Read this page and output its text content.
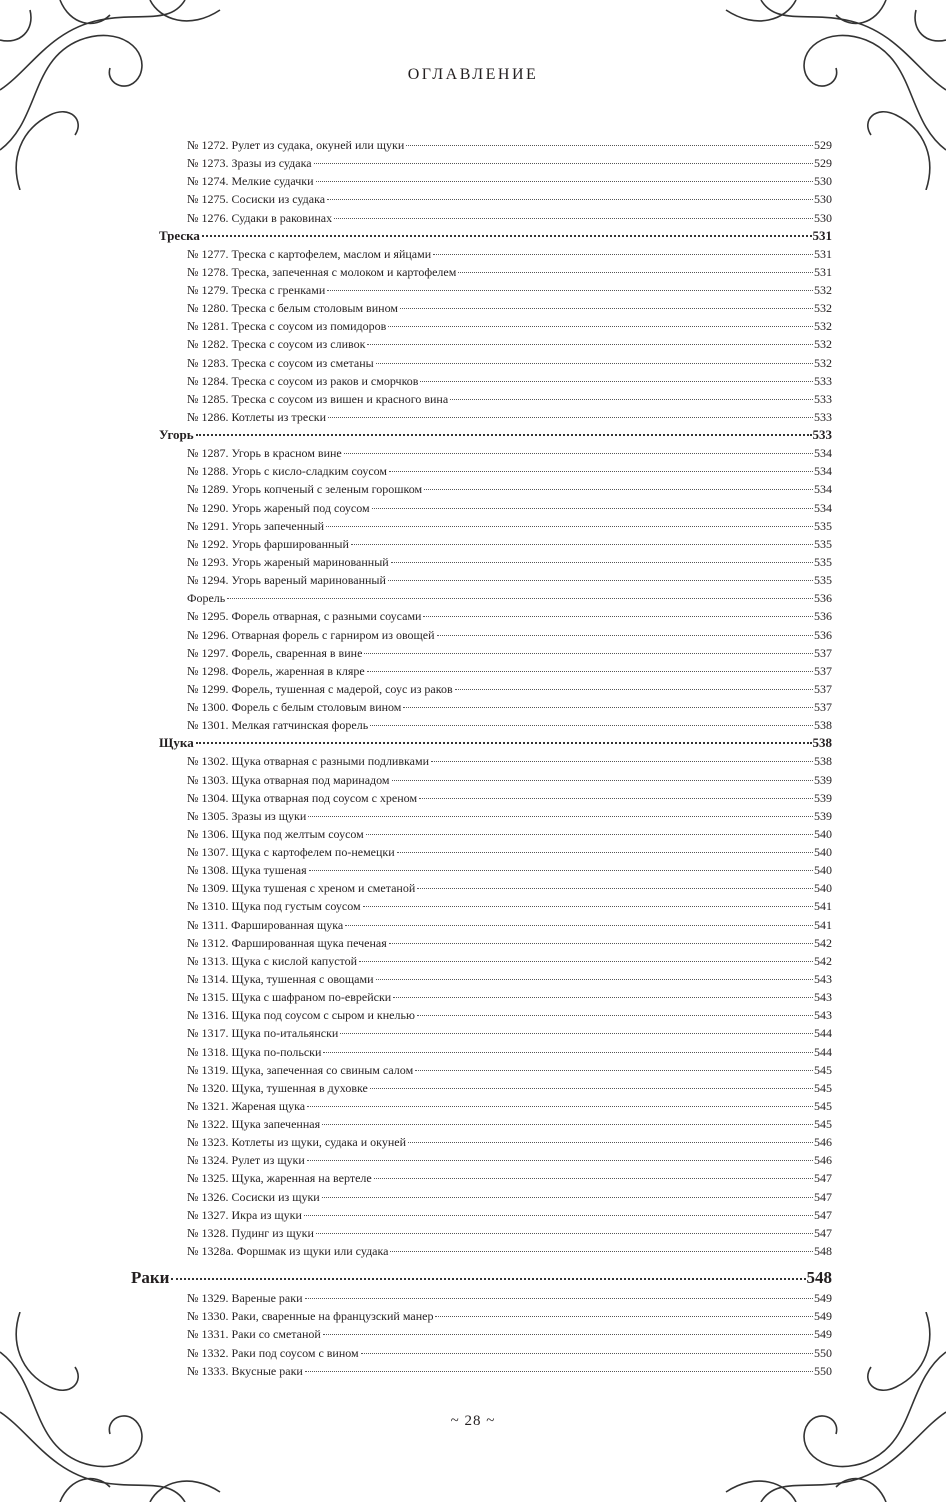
ОГЛАВЛЕНИЕ
№ 1272. Рулет из судака, окуней или щуки	529
№ 1273. Зразы из судака	529
№ 1274. Мелкие судачки	530
№ 1275. Сосиски из судака	530
№ 1276. Судаки в раковинах	530
Треска	531
№ 1277. Треска с картофелем, маслом и яйцами	531
№ 1278. Треска, запеченная с молоком и картофелем	531
№ 1279. Треска с гренками	532
№ 1280. Треска с белым столовым вином	532
№ 1281. Треска с соусом из помидоров	532
№ 1282. Треска с соусом из сливок	532
№ 1283. Треска с соусом из сметаны	532
№ 1284. Треска с соусом из раков и сморчков	533
№ 1285. Треска с соусом из вишен и красного вина	533
№ 1286. Котлеты из трески	533
Угорь	533
№ 1287. Угорь в красном вине	534
№ 1288. Угорь с кисло-сладким соусом	534
№ 1289. Угорь копченый с зеленым горошком	534
№ 1290. Угорь жареный под соусом	534
№ 1291. Угорь запеченный	535
№ 1292. Угорь фаршированный	535
№ 1293. Угорь жареный маринованный	535
№ 1294. Угорь вареный маринованный	535
Форель	536
№ 1295. Форель отварная, с разными соусами	536
№ 1296. Отварная форель с гарниром из овощей	536
№ 1297. Форель, сваренная в вине	537
№ 1298. Форель, жаренная в кляре	537
№ 1299. Форель, тушенная с мадерой, соус из раков	537
№ 1300. Форель с белым столовым вином	537
№ 1301. Мелкая гатчинская форель	538
Щука	538
№ 1302. Щука отварная с разными подливками	538
№ 1303. Щука отварная под маринадом	539
№ 1304. Щука отварная под соусом с хреном	539
№ 1305. Зразы из щуки	539
№ 1306. Щука под желтым соусом	540
№ 1307. Щука с картофелем по-немецки	540
№ 1308. Щука тушеная	540
№ 1309. Щука тушеная с хреном и сметаной	540
№ 1310. Щука под густым соусом	541
№ 1311. Фаршированная щука	541
№ 1312. Фаршированная щука печеная	542
№ 1313. Щука с кислой капустой	542
№ 1314. Щука, тушенная с овощами	543
№ 1315. Щука с шафраном по-еврейски	543
№ 1316. Щука под соусом с сыром и кнелью	543
№ 1317. Щука по-итальянски	544
№ 1318. Щука по-польски	544
№ 1319. Щука, запеченная со свиным салом	545
№ 1320. Щука, тушенная в духовке	545
№ 1321. Жареная щука	545
№ 1322. Щука запеченная	545
№ 1323. Котлеты из щуки, судака и окуней	546
№ 1324. Рулет из щуки	546
№ 1325. Щука, жаренная на вертеле	547
№ 1326. Сосиски из щуки	547
№ 1327. Икра из щуки	547
№ 1328. Пудинг из щуки	547
№ 1328а. Форшмак из щуки или судака	548
Раки	548
№ 1329. Вареные раки	549
№ 1330. Раки, сваренные на французский манер	549
№ 1331. Раки со сметаной	549
№ 1332. Раки под соусом с вином	550
№ 1333. Вкусные раки	550
~ 28 ~
